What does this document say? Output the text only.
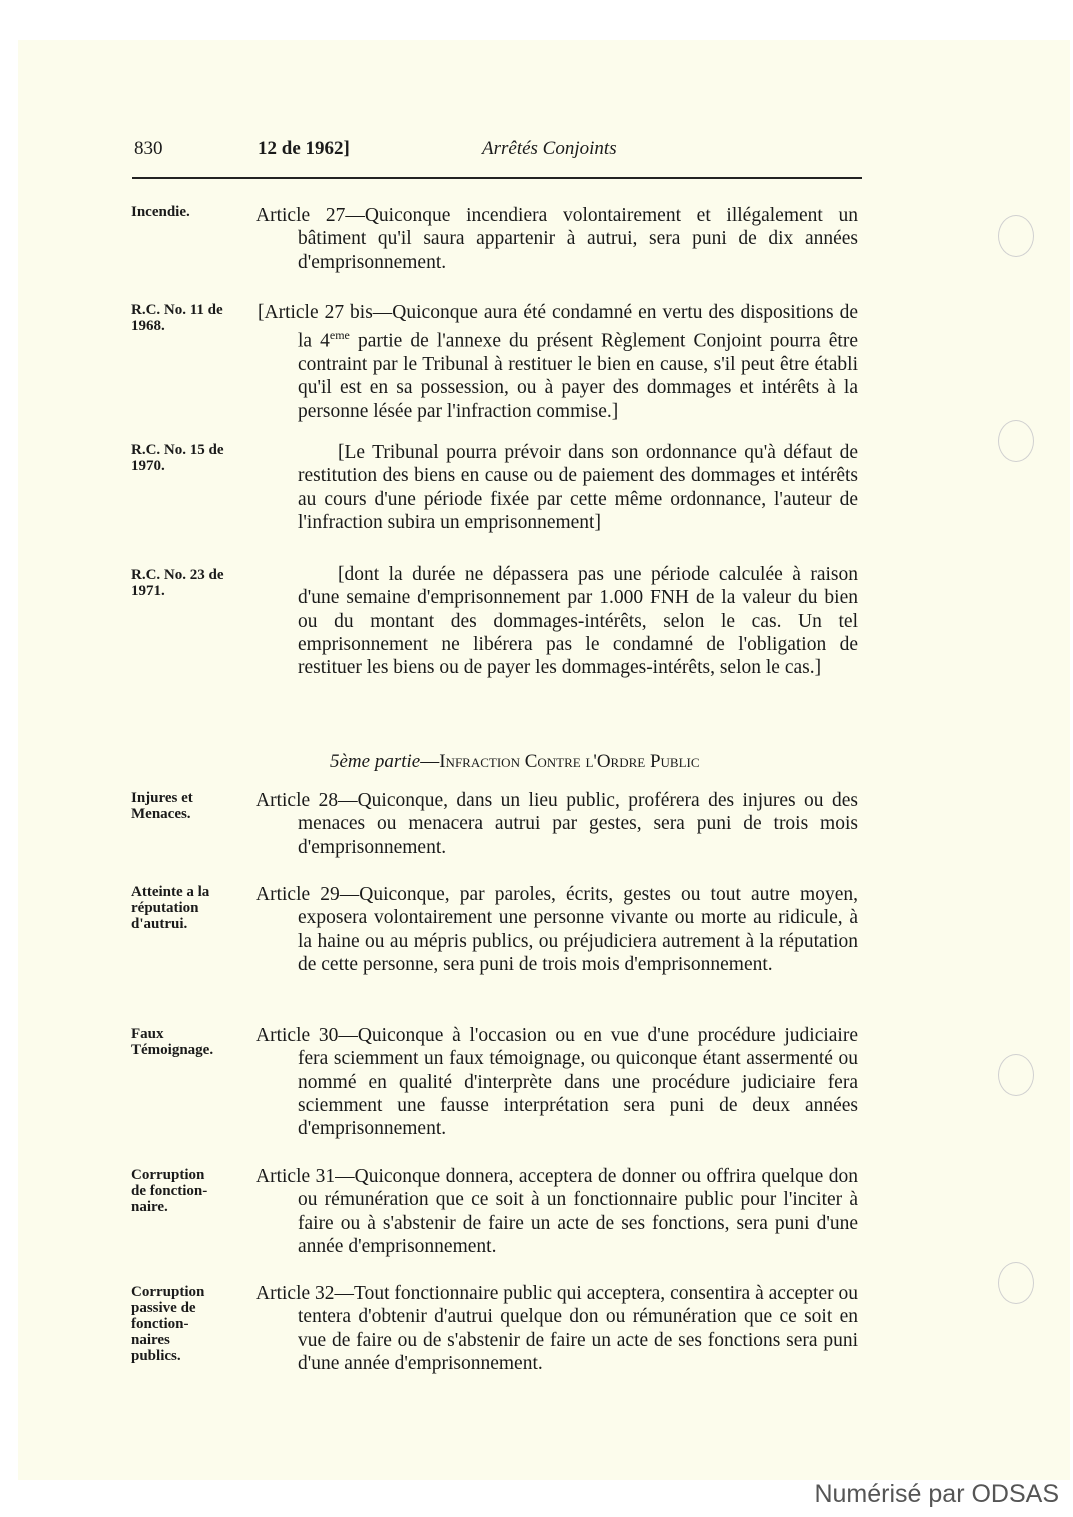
830	12 de 1962]	Arrêtés Conjoints
Incendie.
R.C. No. 11 de 1968.
R.C. No. 15 de 1970.
R.C. No. 23 de 1971.
Injures et Menaces.
Atteinte a la réputation d'autrui.
Faux Témoignage.
Corruption de fonction-naire.
Corruption passive de fonction-naires publics.
Article 27—Quiconque incendiera volontairement et illégalement un bâtiment qu'il saura appartenir à autrui, sera puni de dix années d'emprisonnement.
[Article 27 bis—Quiconque aura été condamné en vertu des dispositions de la 4eme partie de l'annexe du présent Règlement Conjoint pourra être contraint par le Tribunal à restituer le bien en cause, s'il peut être établi qu'il est en sa possession, ou à payer des dommages et intérêts à la personne lésée par l'infraction commise.]
[Le Tribunal pourra prévoir dans son ordonnance qu'à défaut de restitution des biens en cause ou de paiement des dommages et intérêts au cours d'une période fixée par cette même ordonnance, l'auteur de l'infraction subira un emprisonnement]
[dont la durée ne dépassera pas une période calculée à raison d'une semaine d'emprisonnement par 1.000 FNH de la valeur du bien ou du montant des dommages-intérêts, selon le cas. Un tel emprisonnement ne libérera pas le condamné de l'obligation de restituer les biens ou de payer les dommages-intérêts, selon le cas.]
5ème partie—Infraction Contre l'Ordre Public
Article 28—Quiconque, dans un lieu public, proférera des injures ou des menaces ou menacera autrui par gestes, sera puni de trois mois d'emprisonnement.
Article 29—Quiconque, par paroles, écrits, gestes ou tout autre moyen, exposera volontairement une personne vivante ou morte au ridicule, à la haine ou au mépris publics, ou préjudiciera autrement à la réputation de cette personne, sera puni de trois mois d'emprisonnement.
Article 30—Quiconque à l'occasion ou en vue d'une procédure judiciaire fera sciemment un faux témoignage, ou quiconque étant assermenté ou nommé en qualité d'interprète dans une procédure judiciaire fera sciemment une fausse interprétation sera puni de deux années d'emprisonnement.
Article 31—Quiconque donnera, acceptera de donner ou offrira quelque don ou rémunération que ce soit à un fonctionnaire public pour l'inciter à faire ou à s'abstenir de faire un acte de ses fonctions, sera puni d'une année d'emprisonnement.
Article 32—Tout fonctionnaire public qui acceptera, consentira à accepter ou tentera d'obtenir d'autrui quelque don ou rémunération que ce soit en vue de faire ou de s'abstenir de faire un acte de ses fonctions sera puni d'une année d'emprisonnement.
Numérisé par ODSAS
